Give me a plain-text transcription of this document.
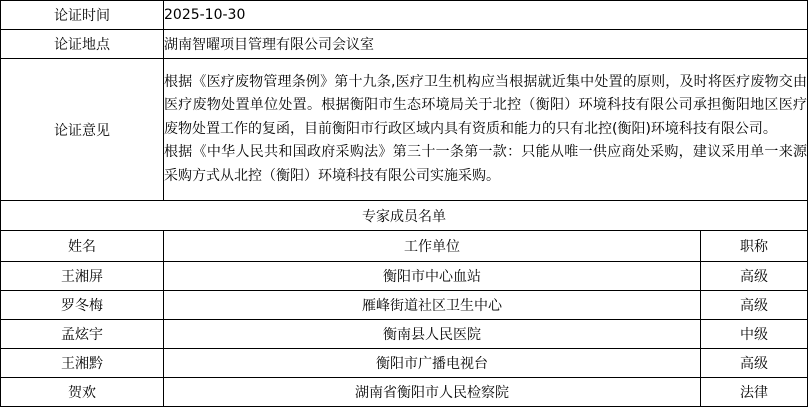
论证时间	2025-10-30	
论证地点	湖南智曜项目管理有限公司会议室	
论证意见	根据《医疗废物管理条例》第十九条,医疗卫生机构应当根据就近集中处置的原则，及时将医疗废物交由医疗废物处置单位处置。根据衡阳市生态环境局关于北控（衡阳）环境科技有限公司承担衡阳地区医疗废物处置工作的复函，目前衡阳市行政区域内具有资质和能力的只有北控(衡阳)环境科技有限公司。

根据《中华人民共和国政府采购法》第三十一条第一款：只能从唯一供应商处采购，建议采用单一来源采购方式从北控（衡阳）环境科技有限公司实施采购。	

专家成员名单		
姓名	工作单位	职称
王湘屏	衡阳市中心血站	高级
罗冬梅	雁峰街道社区卫生中心	高级
孟炫宇	衡南县人民医院	中级
王湘黔	衡阳市广播电视台	高级
贺欢	湖南省衡阳市人民检察院	法律
